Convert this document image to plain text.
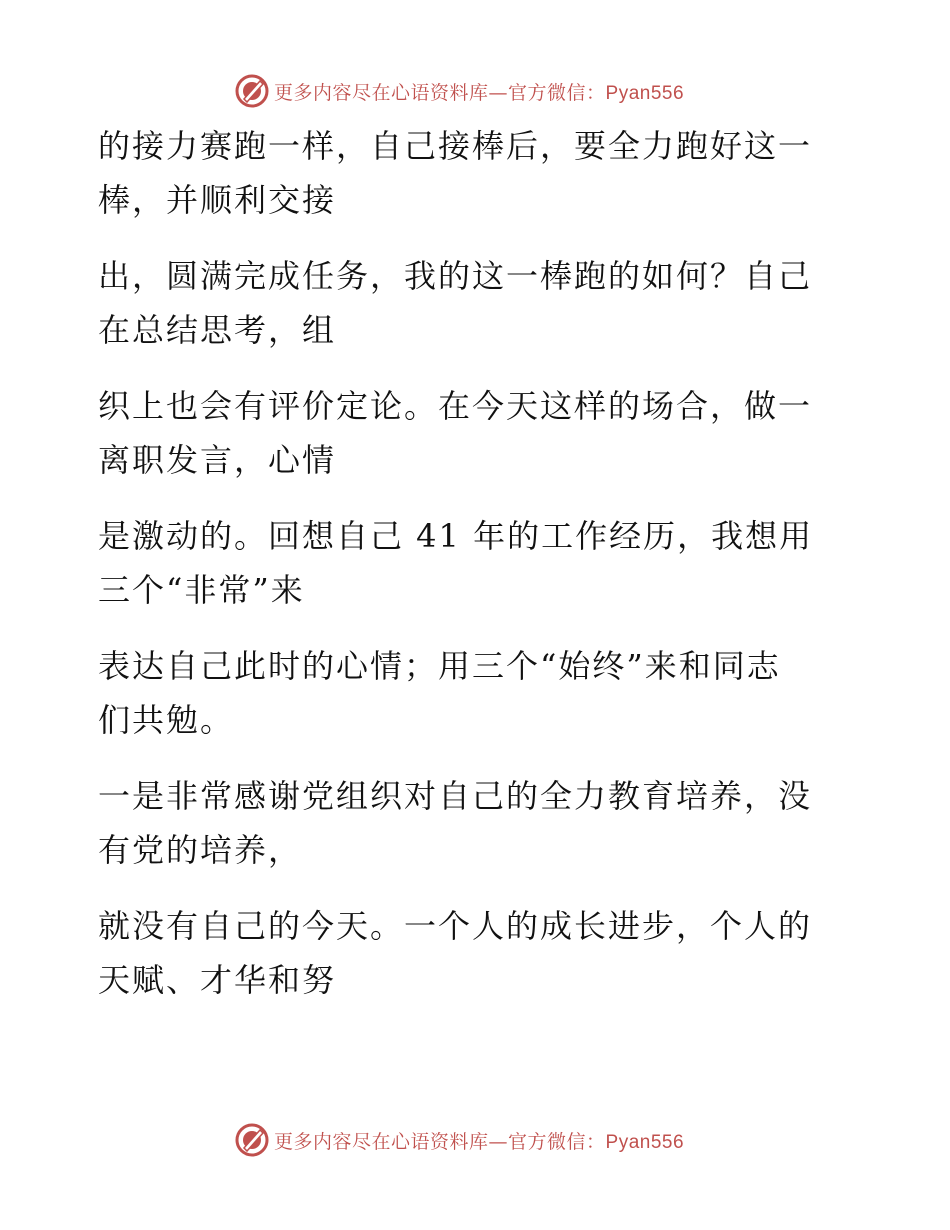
更多内容尽在心语资料库—官方微信：Pyan556
的接力赛跑一样，自己接棒后，要全力跑好这一
棒，并顺利交接
出，圆满完成任务，我的这一棒跑的如何？自己
在总结思考，组
织上也会有评价定论。在今天这样的场合，做一
离职发言，心情
是激动的。回想自己 41 年的工作经历，我想用
三个“非常”来
表达自己此时的心情；用三个“始终”来和同志
们共勉。
一是非常感谢党组织对自己的全力教育培养，没
有党的培养，
就没有自己的今天。一个人的成长进步，个人的
天赋、才华和努
更多内容尽在心语资料库—官方微信：Pyan556
